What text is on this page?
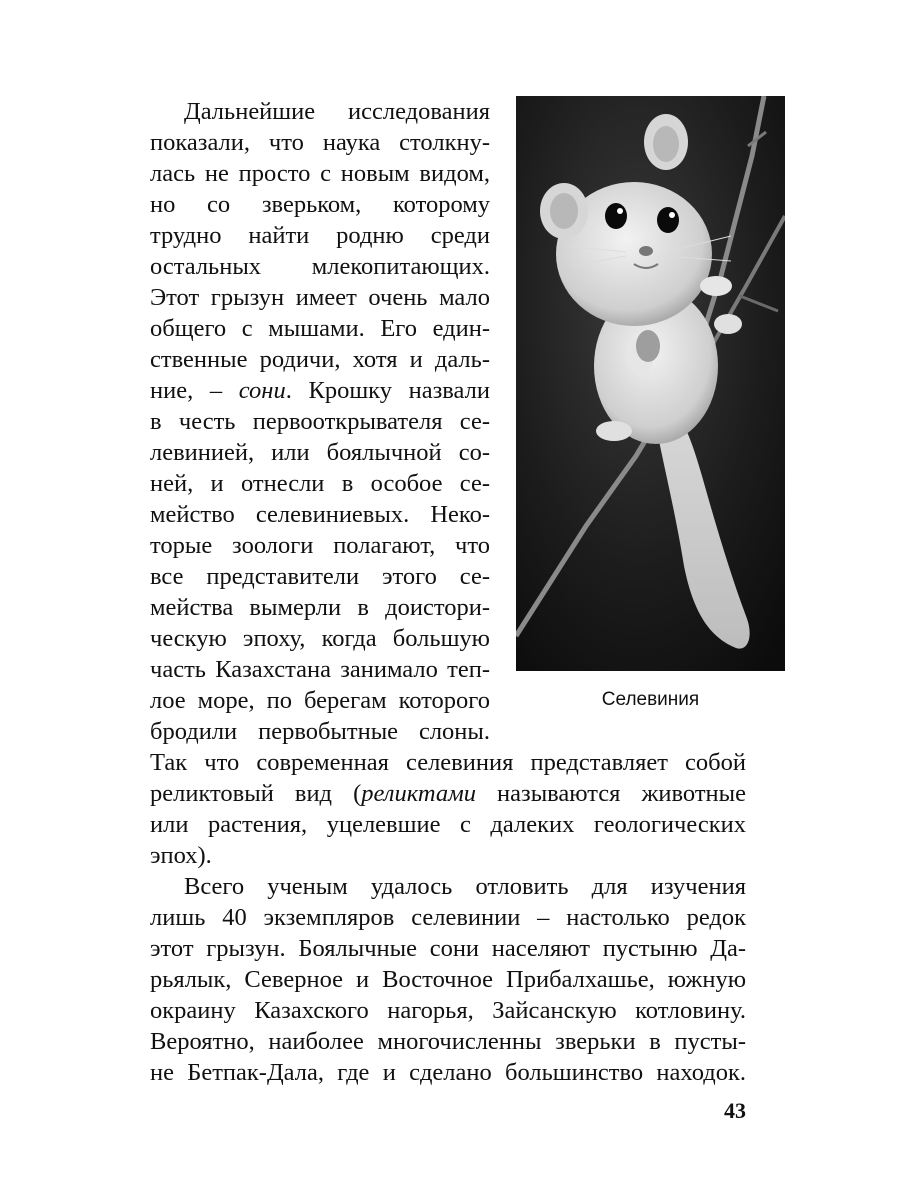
Дальнейшие исследования

показали, что наука столкну-

лась не просто с новым видом,

но со зверьком, которому

трудно найти родню среди

остальных млекопитающих.

Этот грызун имеет очень мало

общего с мышами. Его един-

ственные родичи, хотя и даль-

ние, – сони. Крошку назвали

в честь первооткрывателя се-

левинией, или боялычной со-

ней, и отнесли в особое се-

мейство селевиниевых. Неко-

торые зоологи полагают, что

все представители этого се-

мейства вымерли в доистори-

ческую эпоху, когда большую

часть Казахстана занимало теп-

лое море, по берегам которого

бродили первобытные слоны.

Так что современная селевиния представляет собой

реликтовый вид (реликтами называются животные

или растения, уцелевшие с далеких геологических

эпох).

Всего ученым удалось отловить для изучения

лишь 40 экземпляров селевинии – настолько редок

этот грызун. Боялычные сони населяют пустыню Да-

рьялык, Северное и Восточное Прибалхашье, южную

окраину Казахского нагорья, Зайсанскую котловину.

Вероятно, наиболее многочисленны зверьки в пусты-

не Бетпак-Дала, где и сделано большинство находок.

Селевиния
43
